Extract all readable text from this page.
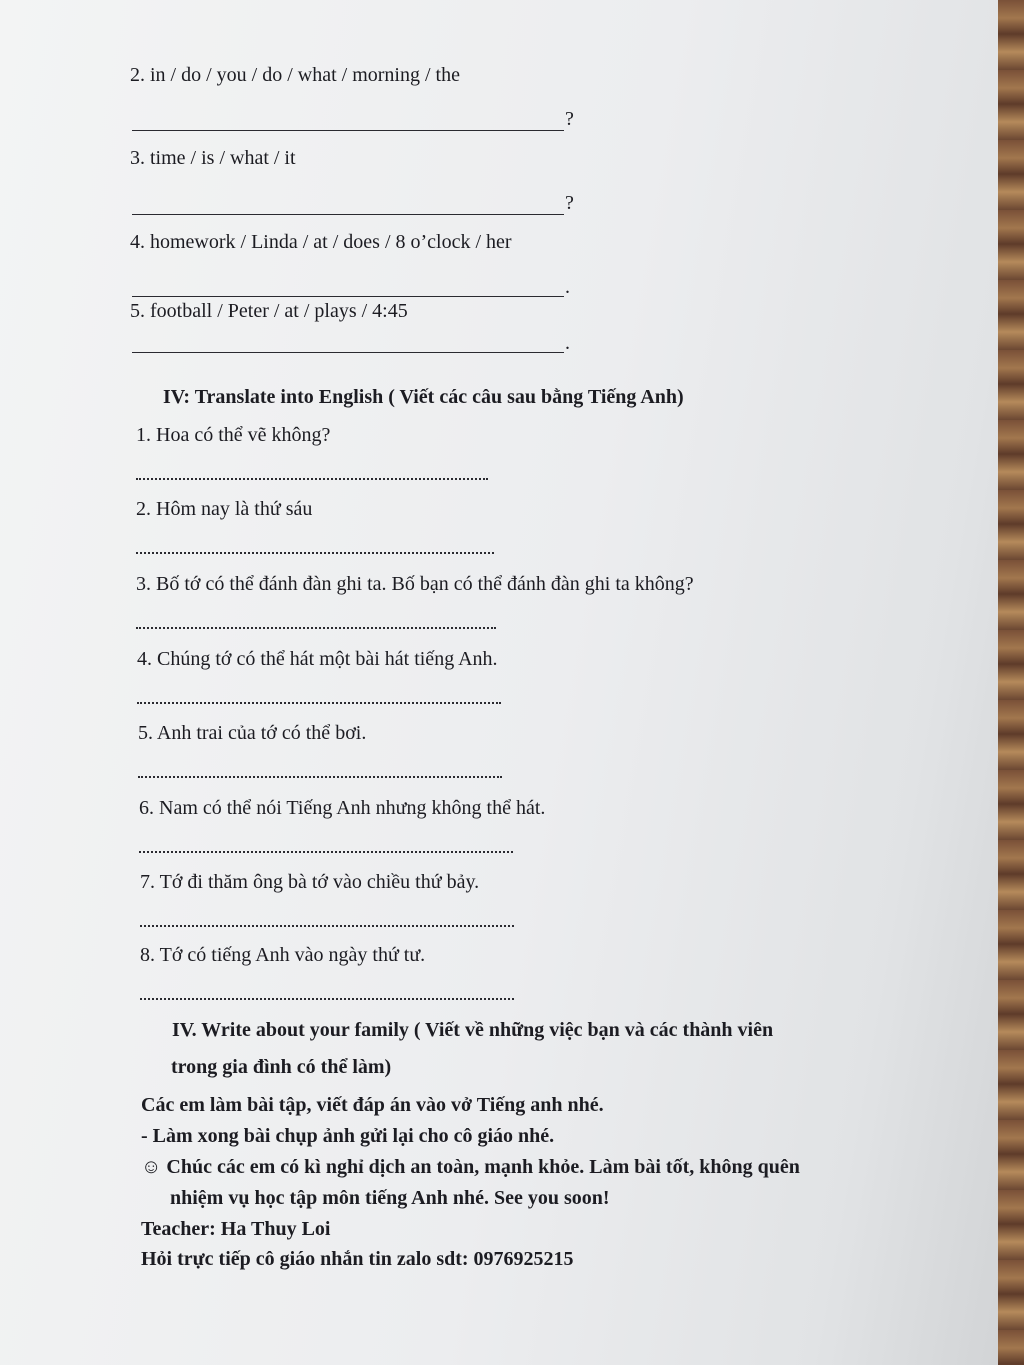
2. in / do / you / do / what / morning / the
?
3. time / is / what / it
?
4. homework / Linda / at / does / 8 o’clock / her
.
5. football / Peter / at / plays / 4:45
.
IV: Translate into English ( Viết các câu sau bằng Tiếng Anh)
1. Hoa có thể vẽ không?
2. Hôm nay là thứ sáu
3. Bố tớ có thể đánh đàn ghi ta. Bố bạn có thể đánh đàn ghi ta không?
4. Chúng tớ có thể hát một bài hát tiếng Anh.
5. Anh trai của tớ có thể bơi.
6. Nam có thể nói Tiếng Anh nhưng không thể hát.
7. Tớ đi thăm ông bà tớ vào chiều thứ bảy.
8. Tớ có tiếng Anh vào ngày thứ tư.
IV. Write about your family ( Viết về những việc bạn và các thành viên
trong gia đình có thể làm)
Các em làm bài tập, viết đáp án vào vở Tiếng anh nhé.
- Làm xong bài chụp ảnh gửi lại cho cô giáo nhé.
☺ Chúc các em có kì nghỉ dịch an toàn, mạnh khỏe. Làm bài tốt, không quên
nhiệm vụ học tập môn tiếng Anh nhé. See you soon!
Teacher: Ha Thuy Loi
Hỏi trực tiếp cô giáo nhắn tin zalo sdt: 0976925215
